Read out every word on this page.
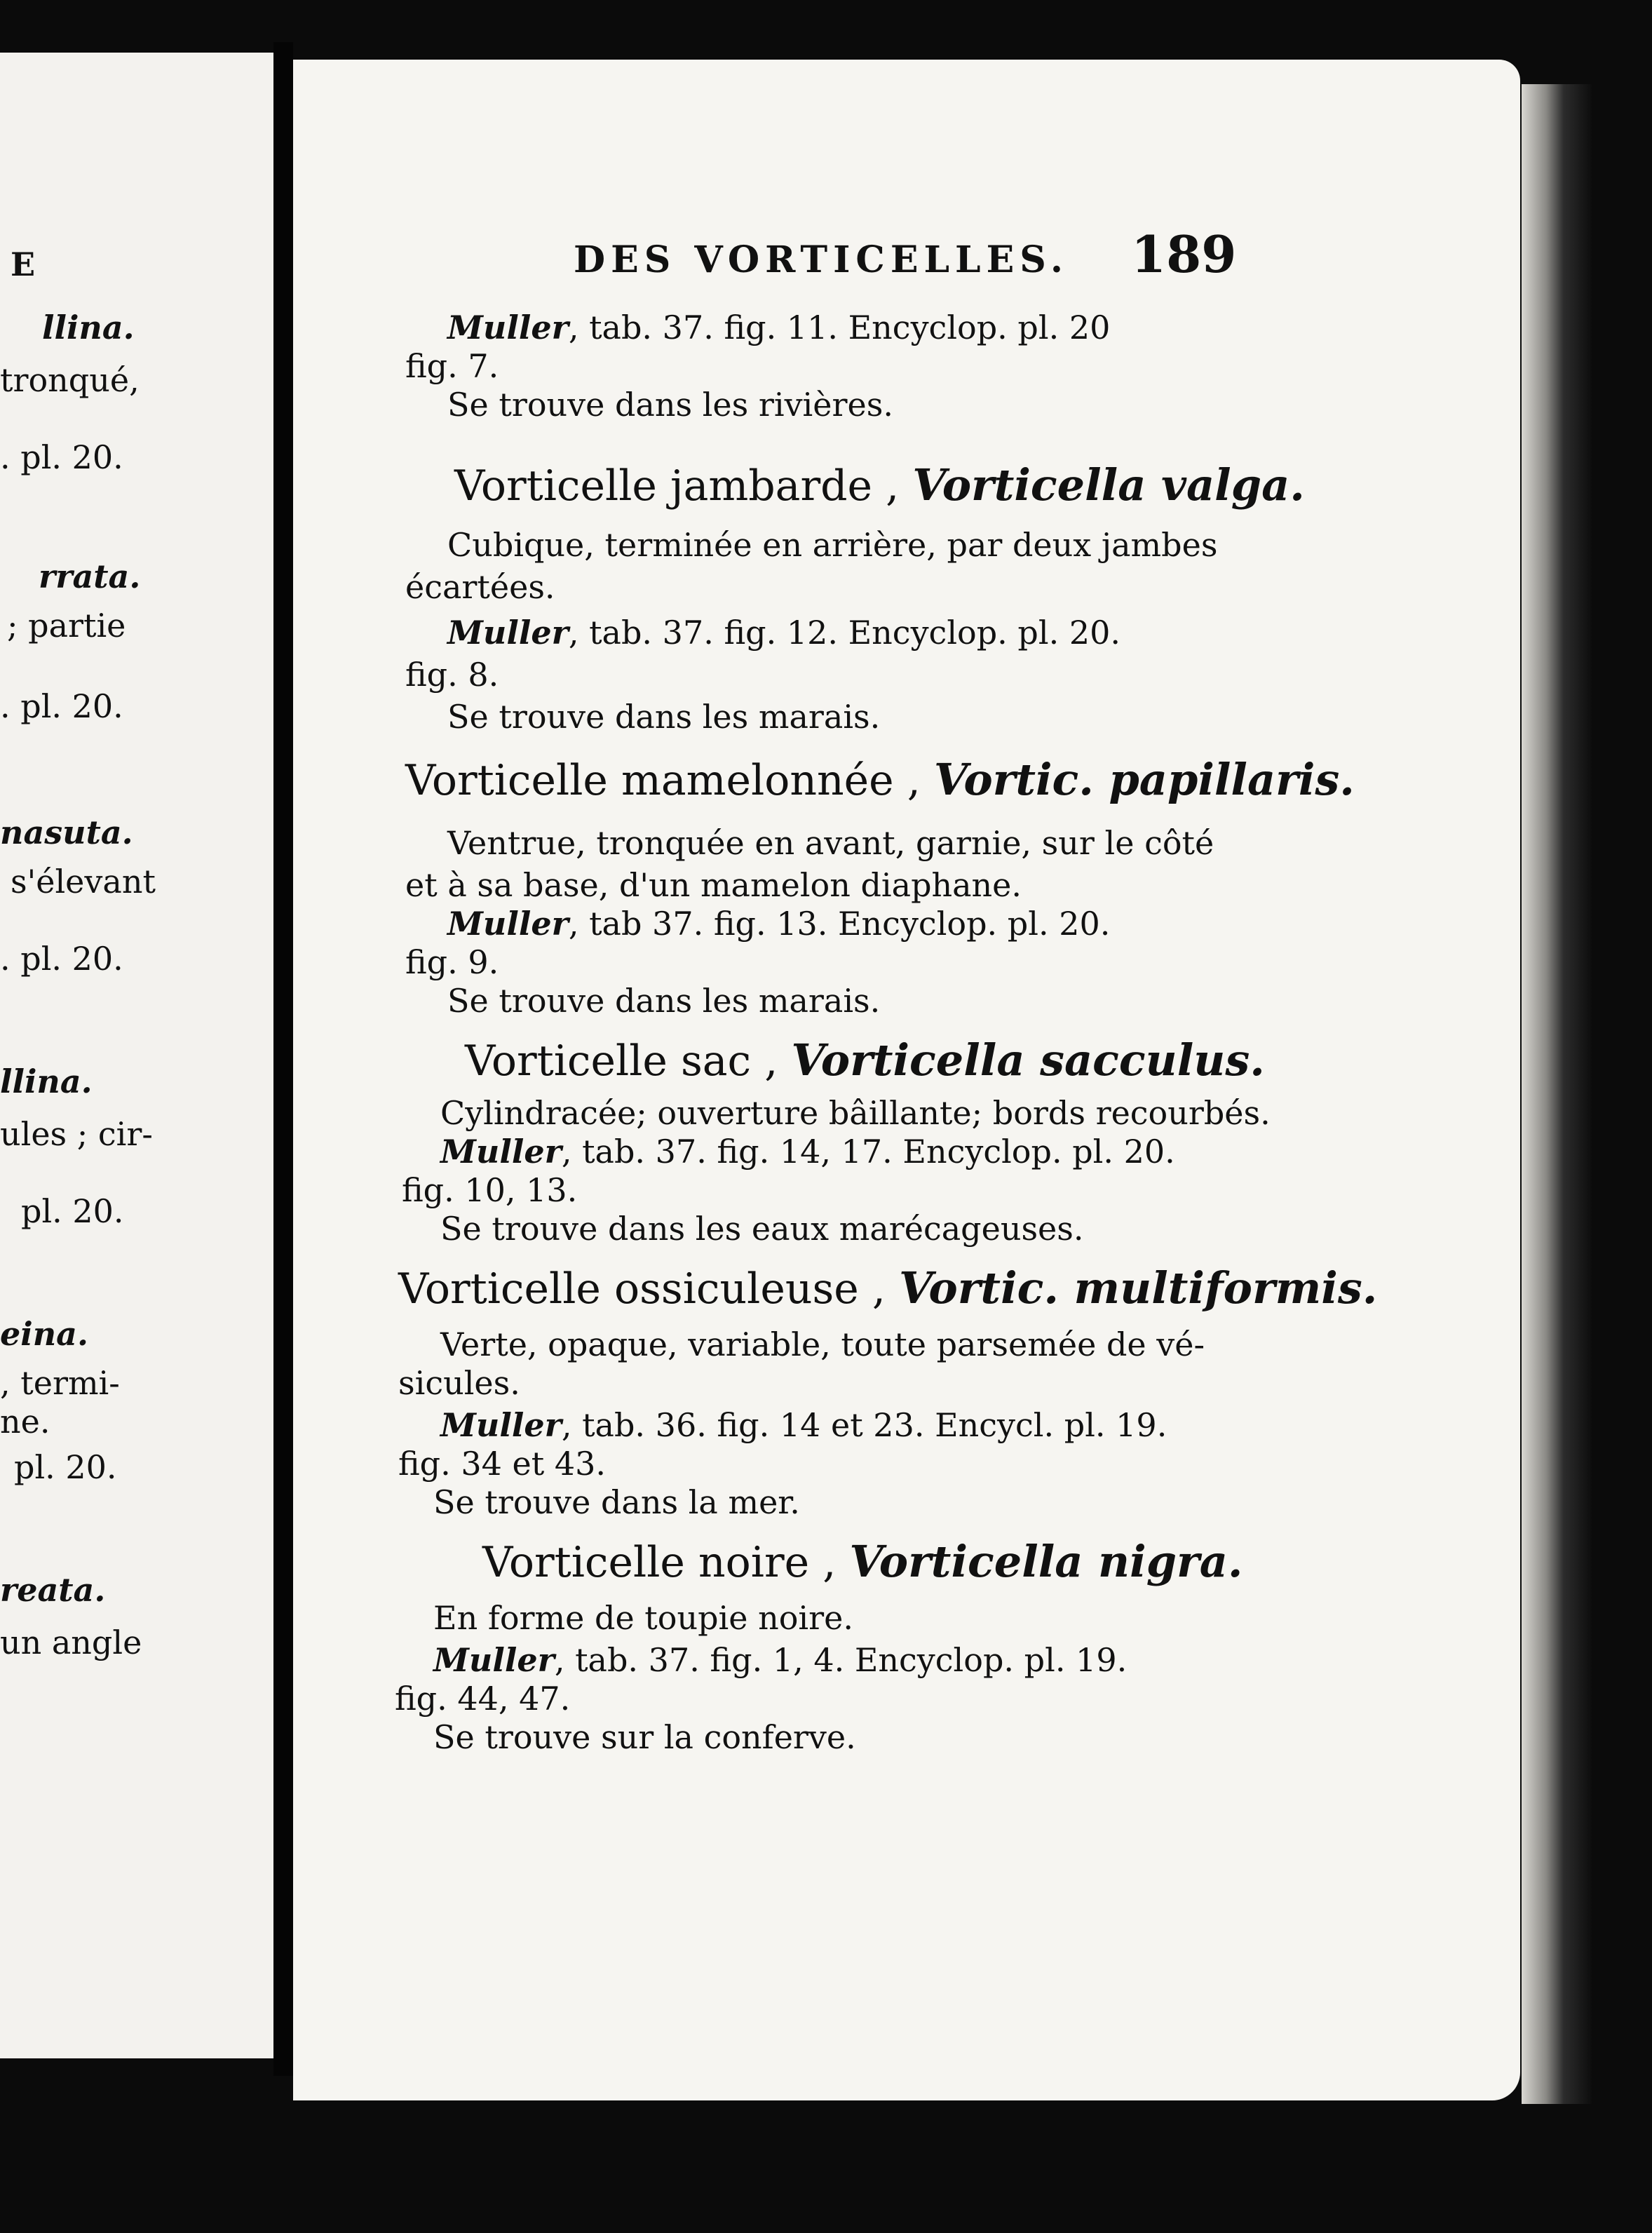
E
llina.
tronqué,
. pl. 20.
rrata.
; partie
. pl. 20.
nasuta.
s'élevant
. pl. 20.
llina.
ules ; cir-
pl. 20.
eina.
, termi-
ne.
pl. 20.
reata.
un angle
DES VORTICELLES. 189
Muller, tab. 37. fig. 11. Encyclop. pl. 20
fig. 7.
Se trouve dans les rivières.
Vorticelle jambarde , Vorticella valga.
Cubique, terminée en arrière, par deux jambes
écartées.
Muller, tab. 37. fig. 12. Encyclop. pl. 20.
fig. 8.
Se trouve dans les marais.
Vorticelle mamelonnée , Vortic. papillaris.
Ventrue, tronquée en avant, garnie, sur le côté
et à sa base, d'un mamelon diaphane.
Muller, tab 37. fig. 13. Encyclop. pl. 20.
fig. 9.
Se trouve dans les marais.
Vorticelle sac , Vorticella sacculus.
Cylindracée; ouverture bâillante; bords recourbés.
Muller, tab. 37. fig. 14, 17. Encyclop. pl. 20.
fig. 10, 13.
Se trouve dans les eaux marécageuses.
Vorticelle ossiculeuse , Vortic. multiformis.
Verte, opaque, variable, toute parsemée de vé-
sicules.
Muller, tab. 36. fig. 14 et 23. Encycl. pl. 19.
fig. 34 et 43.
Se trouve dans la mer.
Vorticelle noire , Vorticella nigra.
En forme de toupie noire.
Muller, tab. 37. fig. 1, 4. Encyclop. pl. 19.
fig. 44, 47.
Se trouve sur la conferve.
